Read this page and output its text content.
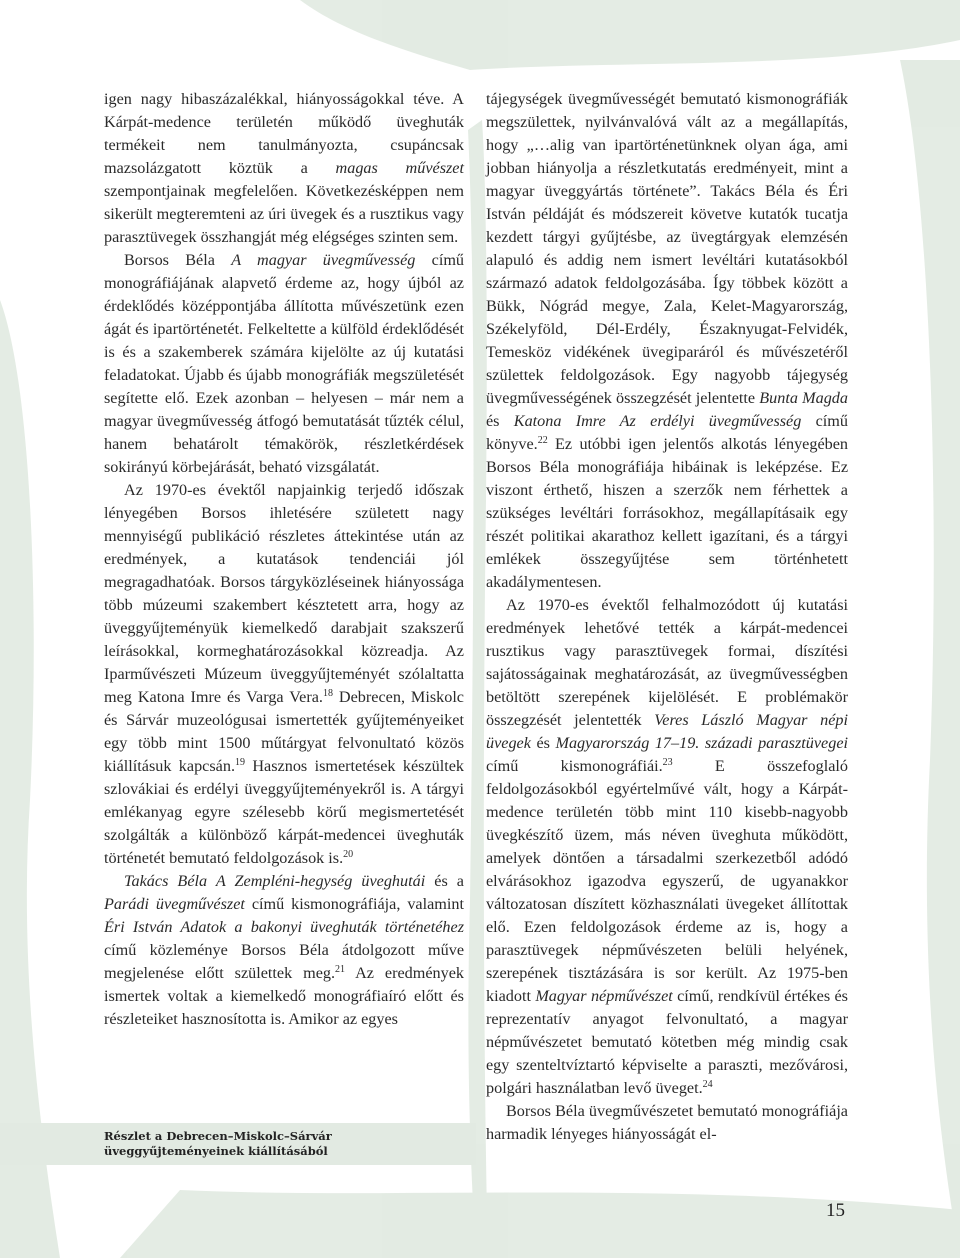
igen nagy hibaszázalékkal, hiányosságokkal téve. A Kárpát-medence területén működő üveghuták termékeit nem tanulmányozta, csupáncsak mazsolázgatott köztük a magas művészet szempontjainak megfelelően. Következésképpen nem sikerült megteremteni az úri üvegek és a rusztikus vagy parasztüvegek összhangját még elégséges szinten sem.

Borsos Béla A magyar üvegművesség című monográfiájának alapvető érdeme az, hogy újból az érdeklődés középpontjába állította művészetünk ezen ágát és ipartörténetét. Felkeltette a külföld érdeklődését is és a szakemberek számára kijelölte az új kutatási feladatokat. Újabb és újabb monográfiák megszületését segítette elő. Ezek azonban – helyesen – már nem a magyar üvegművesség átfogó bemutatását tűzték célul, hanem behatárolt témakörök, részletkérdések sokirányú körbejárását, beható vizsgálatát.

Az 1970-es évektől napjainkig terjedő időszak lényegében Borsos ihletésére született nagy mennyiségű publikáció részletes áttekintése után az eredmények, a kutatások tendenciái jól megragadhatóak. Borsos tárgyközléseinek hiányossága több múzeumi szakembert késztetett arra, hogy az üveggyűjteményük kiemelkedő darabjait szakszerű leírásokkal, kormeghatározásokkal közreadja. Az Iparművészeti Múzeum üveggyűjteményét szólaltatta meg Katona Imre és Varga Vera.$^{18}$ Debrecen, Miskolc és Sárvár muzeológusai ismertették gyűjteményeiket egy több mint 1500 műtárgyat felvonultató közös kiállításuk kapcsán.$^{19}$ Hasznos ismertetések készültek szlovákiai és erdélyi üveggyűjteményekről is. A tárgyi emlékanyag egyre szélesebb körű megismertetését szolgálták a különböző kárpát-medencei üveghuták történetét bemutató feldolgozások is.$^{20}$

Takács Béla A Zempléni-hegység üveghutái és a Parádi üvegművészet című kismonográfiája, valamint Éri István Adatok a bakonyi üveghuták történetéhez című közleménye Borsos Béla átdolgozott műve megjelenése előtt születtek meg.$^{21}$ Az eredmények ismertek voltak a kiemelkedő monográfiaíró előtt és részleteiket hasznosította is. Amikor az egyes

tájegységek üvegművességét bemutató kismonográfiák megszülettek, nyilvánvalóvá vált az a megállapítás, hogy „…alig van ipartörténetünknek olyan ága, ami jobban hiányolja a részletkutatás eredményeit, mint a magyar üveggyártás története”. Takács Béla és Éri István példáját és módszereit követve kutatók tucatja kezdett tárgyi gyűjtésbe, az üvegtárgyak elemzésén alapuló és addig nem ismert levéltári kutatásokból származó adatok feldolgozásába. Így többek között a Bükk, Nógrád megye, Zala, Kelet-Magyarország, Székelyföld, Dél-Erdély, Északnyugat-Felvidék, Temesköz vidékének üvegiparáról és művészetéről születtek feldolgozások. Egy nagyobb tájegység üvegművességének összegzését jelentette Bunta Magda és Katona Imre Az erdélyi üvegművesség című könyve.$^{22}$ Ez utóbbi igen jelentős alkotás lényegében Borsos Béla monográfiája hibáinak is leképzése. Ez viszont érthető, hiszen a szerzők nem férhettek a szükséges levéltári forrásokhoz, megállapításaik egy részét politikai akarathoz kellett igazítani, és a tárgyi emlékek összegyűjtése sem történhetett akadálymentesen.

Az 1970-es évektől felhalmozódott új kutatási eredmények lehetővé tették a kárpát-medencei rusztikus vagy parasztüvegek formai, díszítési sajátosságainak meghatározását, az üvegművességben betöltött szerepének kijelölését. E problémakör összegzését jelentették Veres László Magyar népi üvegek és Magyarország 17–19. századi parasztüvegei című kismonográfiái.$^{23}$ E összefoglaló feldolgozásokból egyértelművé vált, hogy a Kárpát-medence területén több mint 110 kisebb-nagyobb üvegkészítő üzem, más néven üveghuta működött, amelyek döntően a társadalmi szerkezetből adódó elvárásokhoz igazodva egyszerű, de ugyanakkor változatosan díszített közhasználati üvegeket állítottak elő. Ezen feldolgozások érdeme az is, hogy a parasztüvegek népművészeten belüli helyének, szerepének tisztázására is sor került. Az 1975-ben kiadott Magyar népművészet című, rendkívül értékes és reprezentatív anyagot felvonultató, a magyar népművészetet bemutató kötetben még mindig csak egy szenteltvíztartó képviselte a paraszti, mezővárosi, polgári használatban levő üveget.$^{24}$

Borsos Béla üvegművészetet bemutató monográfiája harmadik lényeges hiányosságát el-

Részlet a Debrecen–Miskolc–Sárvár üveggyűjteményeinek kiállításából
15
